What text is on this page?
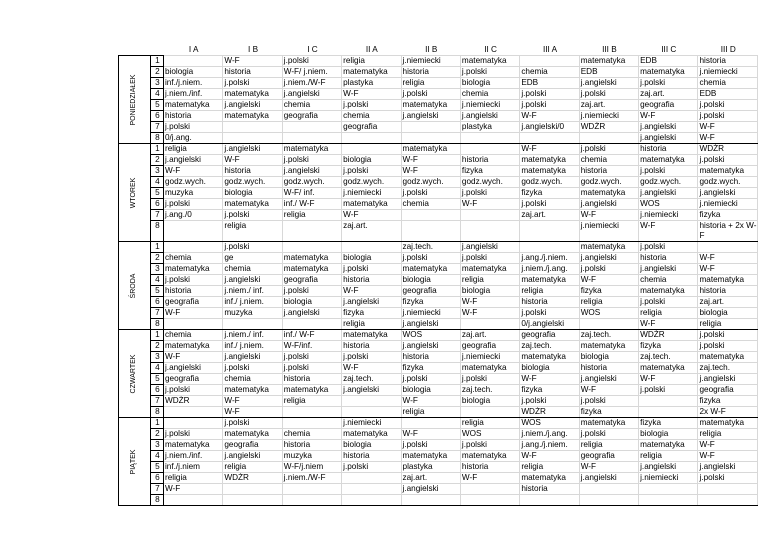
		I A	I B	I C	II A	II B	II C	III A	III B	III C	III D

PONIEDZIAŁEK	1		W-F	j.polski	religia	j.niemiecki	matematyka		matematyka	EDB	historia
	2	biologia	historia	W-F/ j.niem.	matematyka	historia	j.polski	chemia	EDB	matematyka	j.niemiecki
	3	inf./j.niem.	j.polski	j.niem./W-F	plastyka	religia	biologia	EDB	j.angielski	j.polski	chemia
	4	j.niem./inf.	matematyka	j.angielski	W-F	j.polski	chemia	j.polski	j.polski	zaj.art.	EDB
	5	matematyka	j.angielski	chemia	j.polski	matematyka	j.niemiecki	j.polski	zaj.art.	geografia	j.polski
	6	historia	matematyka	geografia	chemia	j.angielski	j.angielski	W-F	j.niemiecki	W-F	j.polski
	7	j.polski			geografia		plastyka	j.angielski/0	WDŻR	j.angielski	W-F
	8	0/j.ang.								j.angielski	W-F

WTOREK	1	religia	j.angielski	matematyka		matematyka		W-F	j.polski	historia	WDŻR
	2	j.angielski	W-F	j.polski	biologia	W-F	historia	matematyka	chemia	matematyka	j.polski
	3	W-F	historia	j.angielski	j.polski	W-F	fizyka	matematyka	historia	j.polski	matematyka
	4	godz.wych.	godz.wych.	godz.wych.	godz.wych.	godz.wych.	godz.wych.	godz.wych.	godz.wych.	godz.wych.	godz.wych.
	5	muzyka	biologia	W-F/ inf.	j.niemiecki	j.polski	j.polski	fizyka	matematyka	j.angielski	j.angielski
	6	j.polski	matematyka	inf./ W-F	matematyka	chemia	W-F	j.polski	j.angielski	WOS	j.niemiecki
	7	j.ang./0	j.polski	religia	W-F			zaj.art.	W-F	j.niemiecki	fizyka
	8		religia		zaj.art.				j.niemiecki	W-F	historia + 2x W-F

ŚRODA	1		j.polski			zaj.tech.	j.angielski		matematyka	j.polski	
	2	chemia	ge	matematyka	biologia	j.polski	j.polski	j.ang./j.niem.	j.angielski	historia	W-F
	3	matematyka	chemia	matematyka	j.polski	matematyka	matematyka	j.niem./j.ang.	j.polski	j.angielski	W-F
	4	j.polski	j.angielski	geografia	historia	biologia	religia	matematyka	W-F	chemia	matematyka
	5	historia	j.niem./ inf.	j.polski	W-F	geografia	biologia	religia	fizyka	matematyka	historia
	6	geografia	inf./ j.niem.	biologia	j.angielski	fizyka	W-F	historia	religia	j.polski	zaj.art.
	7	W-F	muzyka	j.angielski	fizyka	j.niemiecki	W-F	j.polski	WOS	religia	biologia
	8				religia	j.angielski		0/j.angielski		W-F	religia

CZWARTEK	1	chemia	j.niem./ inf.	inf./ W-F	matematyka	WOS	zaj.art.	geografia	zaj.tech.	WDŻR	j.polski
	2	matematyka	inf./ j.niem.	W-F/inf.	historia	j.angielski	geografia	zaj.tech.	matematyka	fizyka	j.polski
	3	W-F	j.angielski	j.polski	j.polski	historia	j.niemiecki	matematyka	biologia	zaj.tech.	matematyka
	4	j.angielski	j.polski	j.polski	W-F	fizyka	matematyka	biologia	historia	matematyka	zaj.tech.
	5	geografia	chemia	historia	zaj.tech.	j.polski	j.polski	W-F	j.angielski	W-F	j.angielski
	6	j.polski	matematyka	matematyka	j.angielski	biologia	zaj.tech.	fizyka	W-F	j.polski	geografia
	7	WDŻR	W-F	religia		W-F	biologia	j.polski	j.polski		fizyka
	8		W-F			religia		WDŻR	fizyka		2x W-F

PIĄTEK	1		j.polski		j.niemiecki		religia	WOS	matematyka	fizyka	matematyka
	2	j.polski	matematyka	chemia	matematyka	W-F	WOS	j.niem./j.ang.	j.polski	biologia	religia
	3	matematyka	geografia	historia	biologia	j.polski	j.polski	j.ang./j.niem.	religia	matematyka	W-F
	4	j.niem./inf.	j.angielski	muzyka	historia	matematyka	matematyka	W-F	geografia	religia	W-F
	5	inf./j.niem	religia	W-F/j.niem	j.polski	plastyka	historia	religia	W-F	j.angielski	j.angielski
	6	religia	WDŻR	j.niem./W-F		zaj.art.	W-F	matematyka	j.angielski	j.niemiecki	j.polski
	7	W-F				j.angielski		historia			
	8										
